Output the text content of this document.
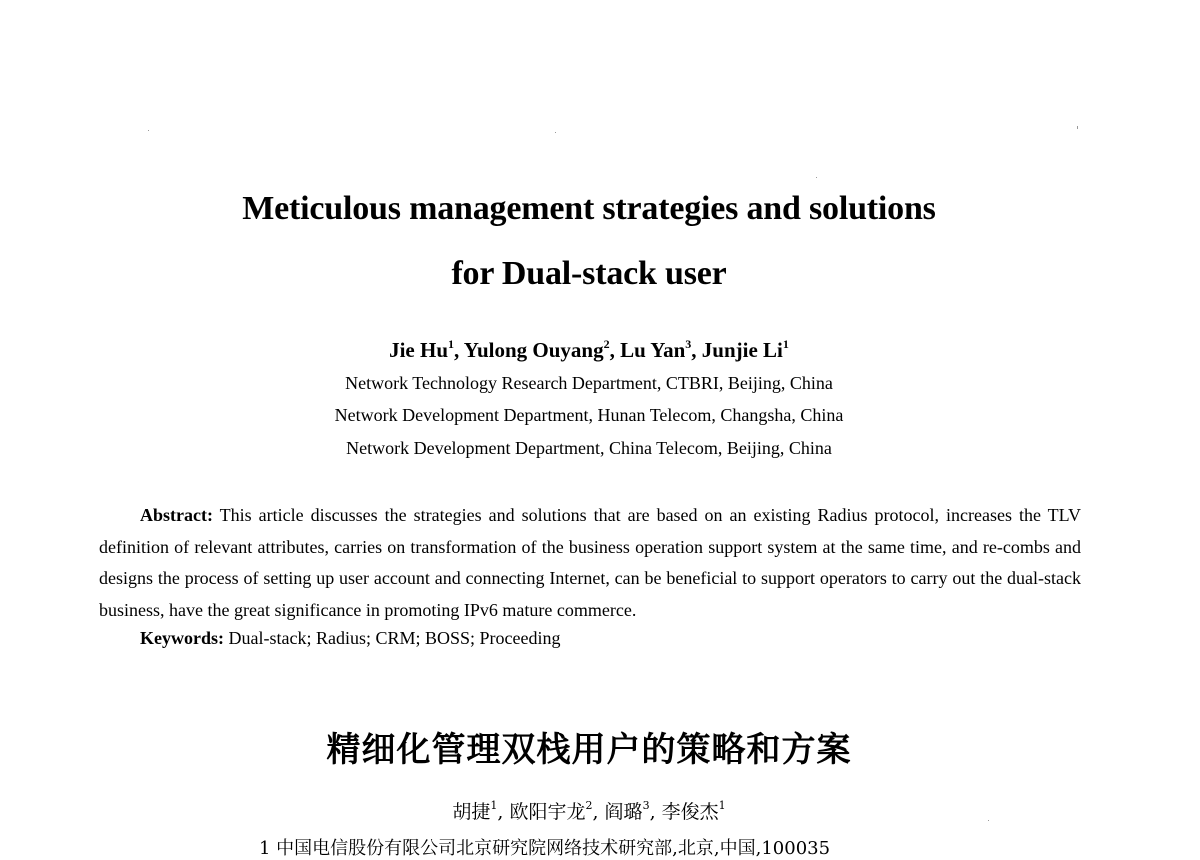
Meticulous management strategies and solutions
for Dual-stack user
Jie Hu$^1$, Yulong Ouyang$^2$, Lu Yan$^3$, Junjie Li$^1$
Network Technology Research Department, CTBRI, Beijing, China
Network Development Department, Hunan Telecom, Changsha, China
Network Development Department, China Telecom, Beijing, China
Abstract: This article discusses the strategies and solutions that are based on an existing Radius protocol, increases the TLV definition of relevant attributes, carries on transformation of the business operation support system at the same time, and re-combs and designs the process of setting up user account and connecting Internet, can be beneficial to support operators to carry out the dual-stack business, have the great significance in promoting IPv6 mature commerce.
Keywords: Dual-stack; Radius; CRM; BOSS; Proceeding
精细化管理双栈用户的策略和方案
胡捷$^1$, 欧阳宇龙$^2$, 阎璐$^3$, 李俊杰$^1$
1 中国电信股份有限公司北京研究院网络技术研究部,北京,中国,100035
